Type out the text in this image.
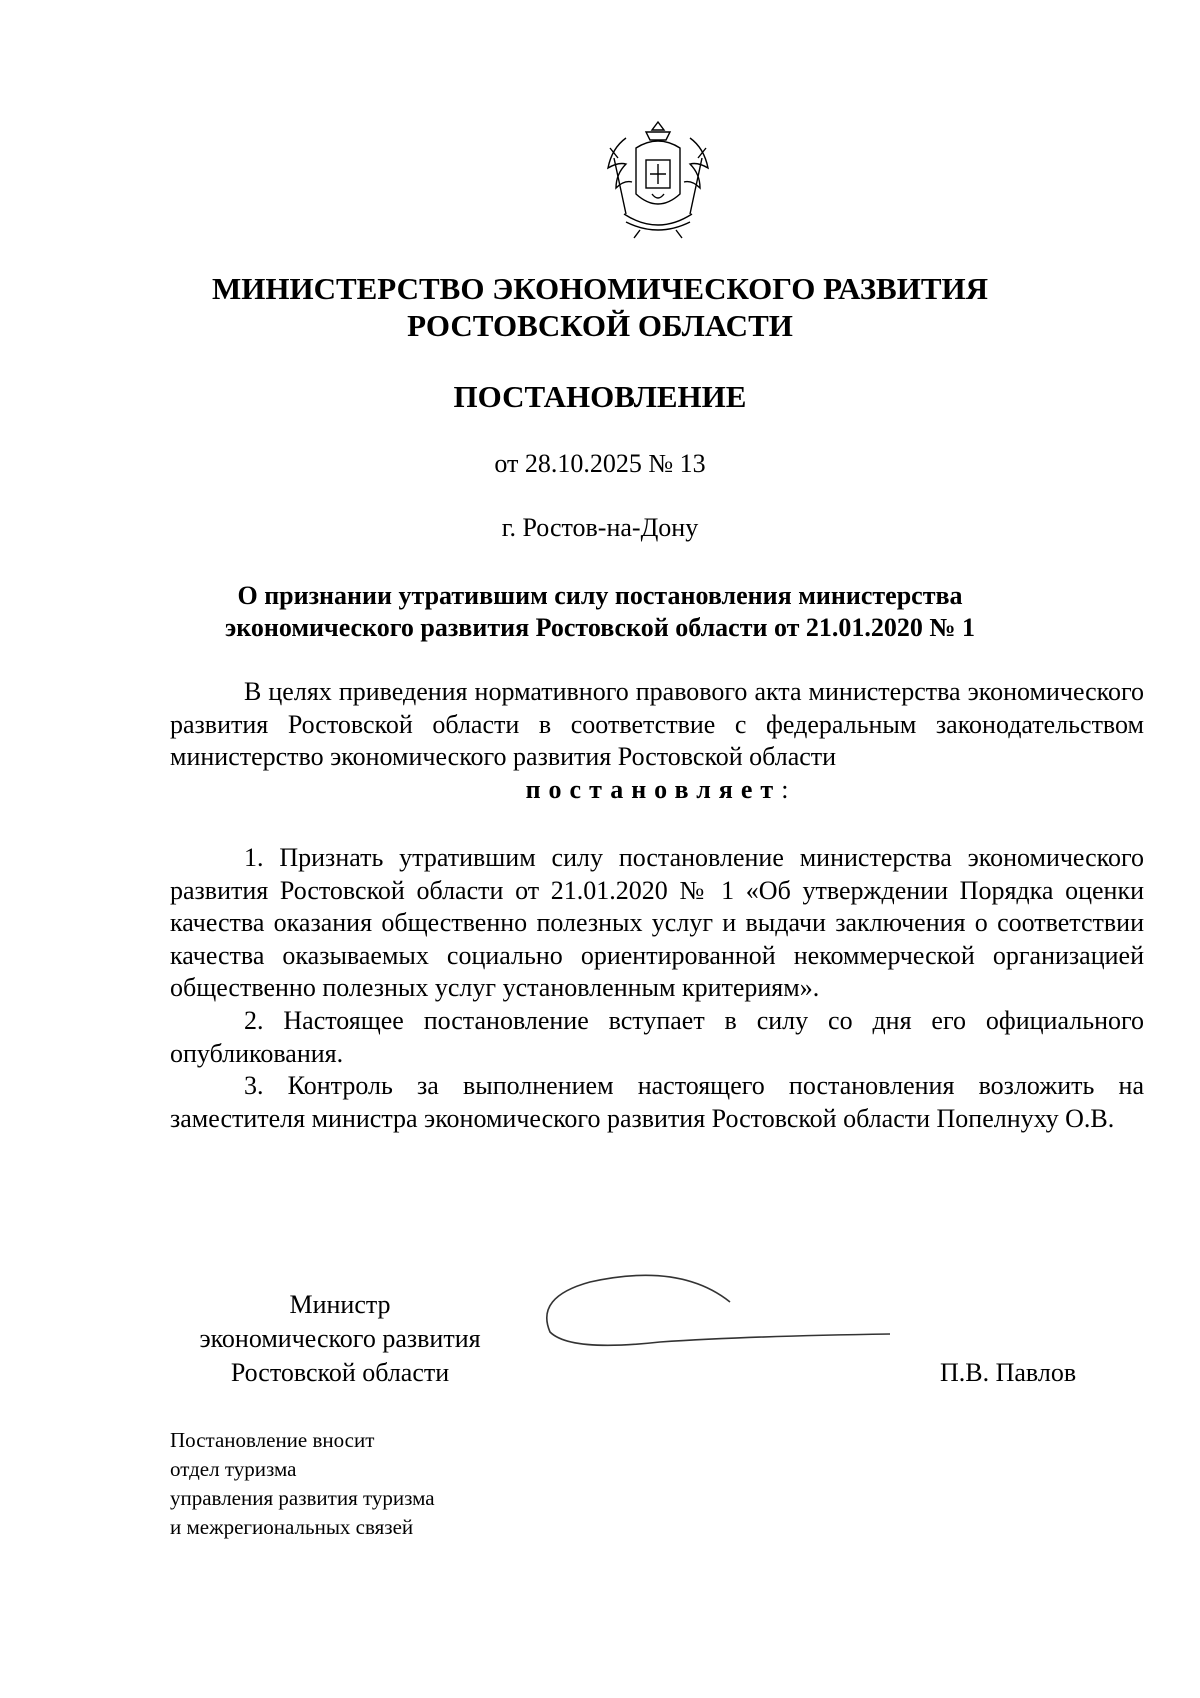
МИНИСТЕРСТВО ЭКОНОМИЧЕСКОГО РАЗВИТИЯ
РОСТОВСКОЙ ОБЛАСТИ
ПОСТАНОВЛЕНИЕ
от 28.10.2025 № 13
г. Ростов-на-Дону
О признании утратившим силу постановления министерства
экономического развития Ростовской области от 21.01.2020 № 1

В целях приведения нормативного правового акта министерства экономического развития Ростовской области в соответствие с федеральным законодательством министерство экономического развития Ростовской области

постановляет:

1. Признать утратившим силу постановление министерства экономического развития Ростовской области от 21.01.2020 № 1 «Об утверждении Порядка оценки качества оказания общественно полезных услуг и выдачи заключения о соответствии качества оказываемых социально ориентированной некоммерческой организацией общественно полезных услуг установленным критериям».

2. Настоящее постановление вступает в силу со дня его официального опубликования.

3. Контроль за выполнением настоящего постановления возложить на заместителя министра экономического развития Ростовской области Попелнуху О.В.

Министр
экономического развития
Ростовской области	П.В. Павлов
Постановление вносит
отдел туризма
управления развития туризма
и межрегиональных связей
